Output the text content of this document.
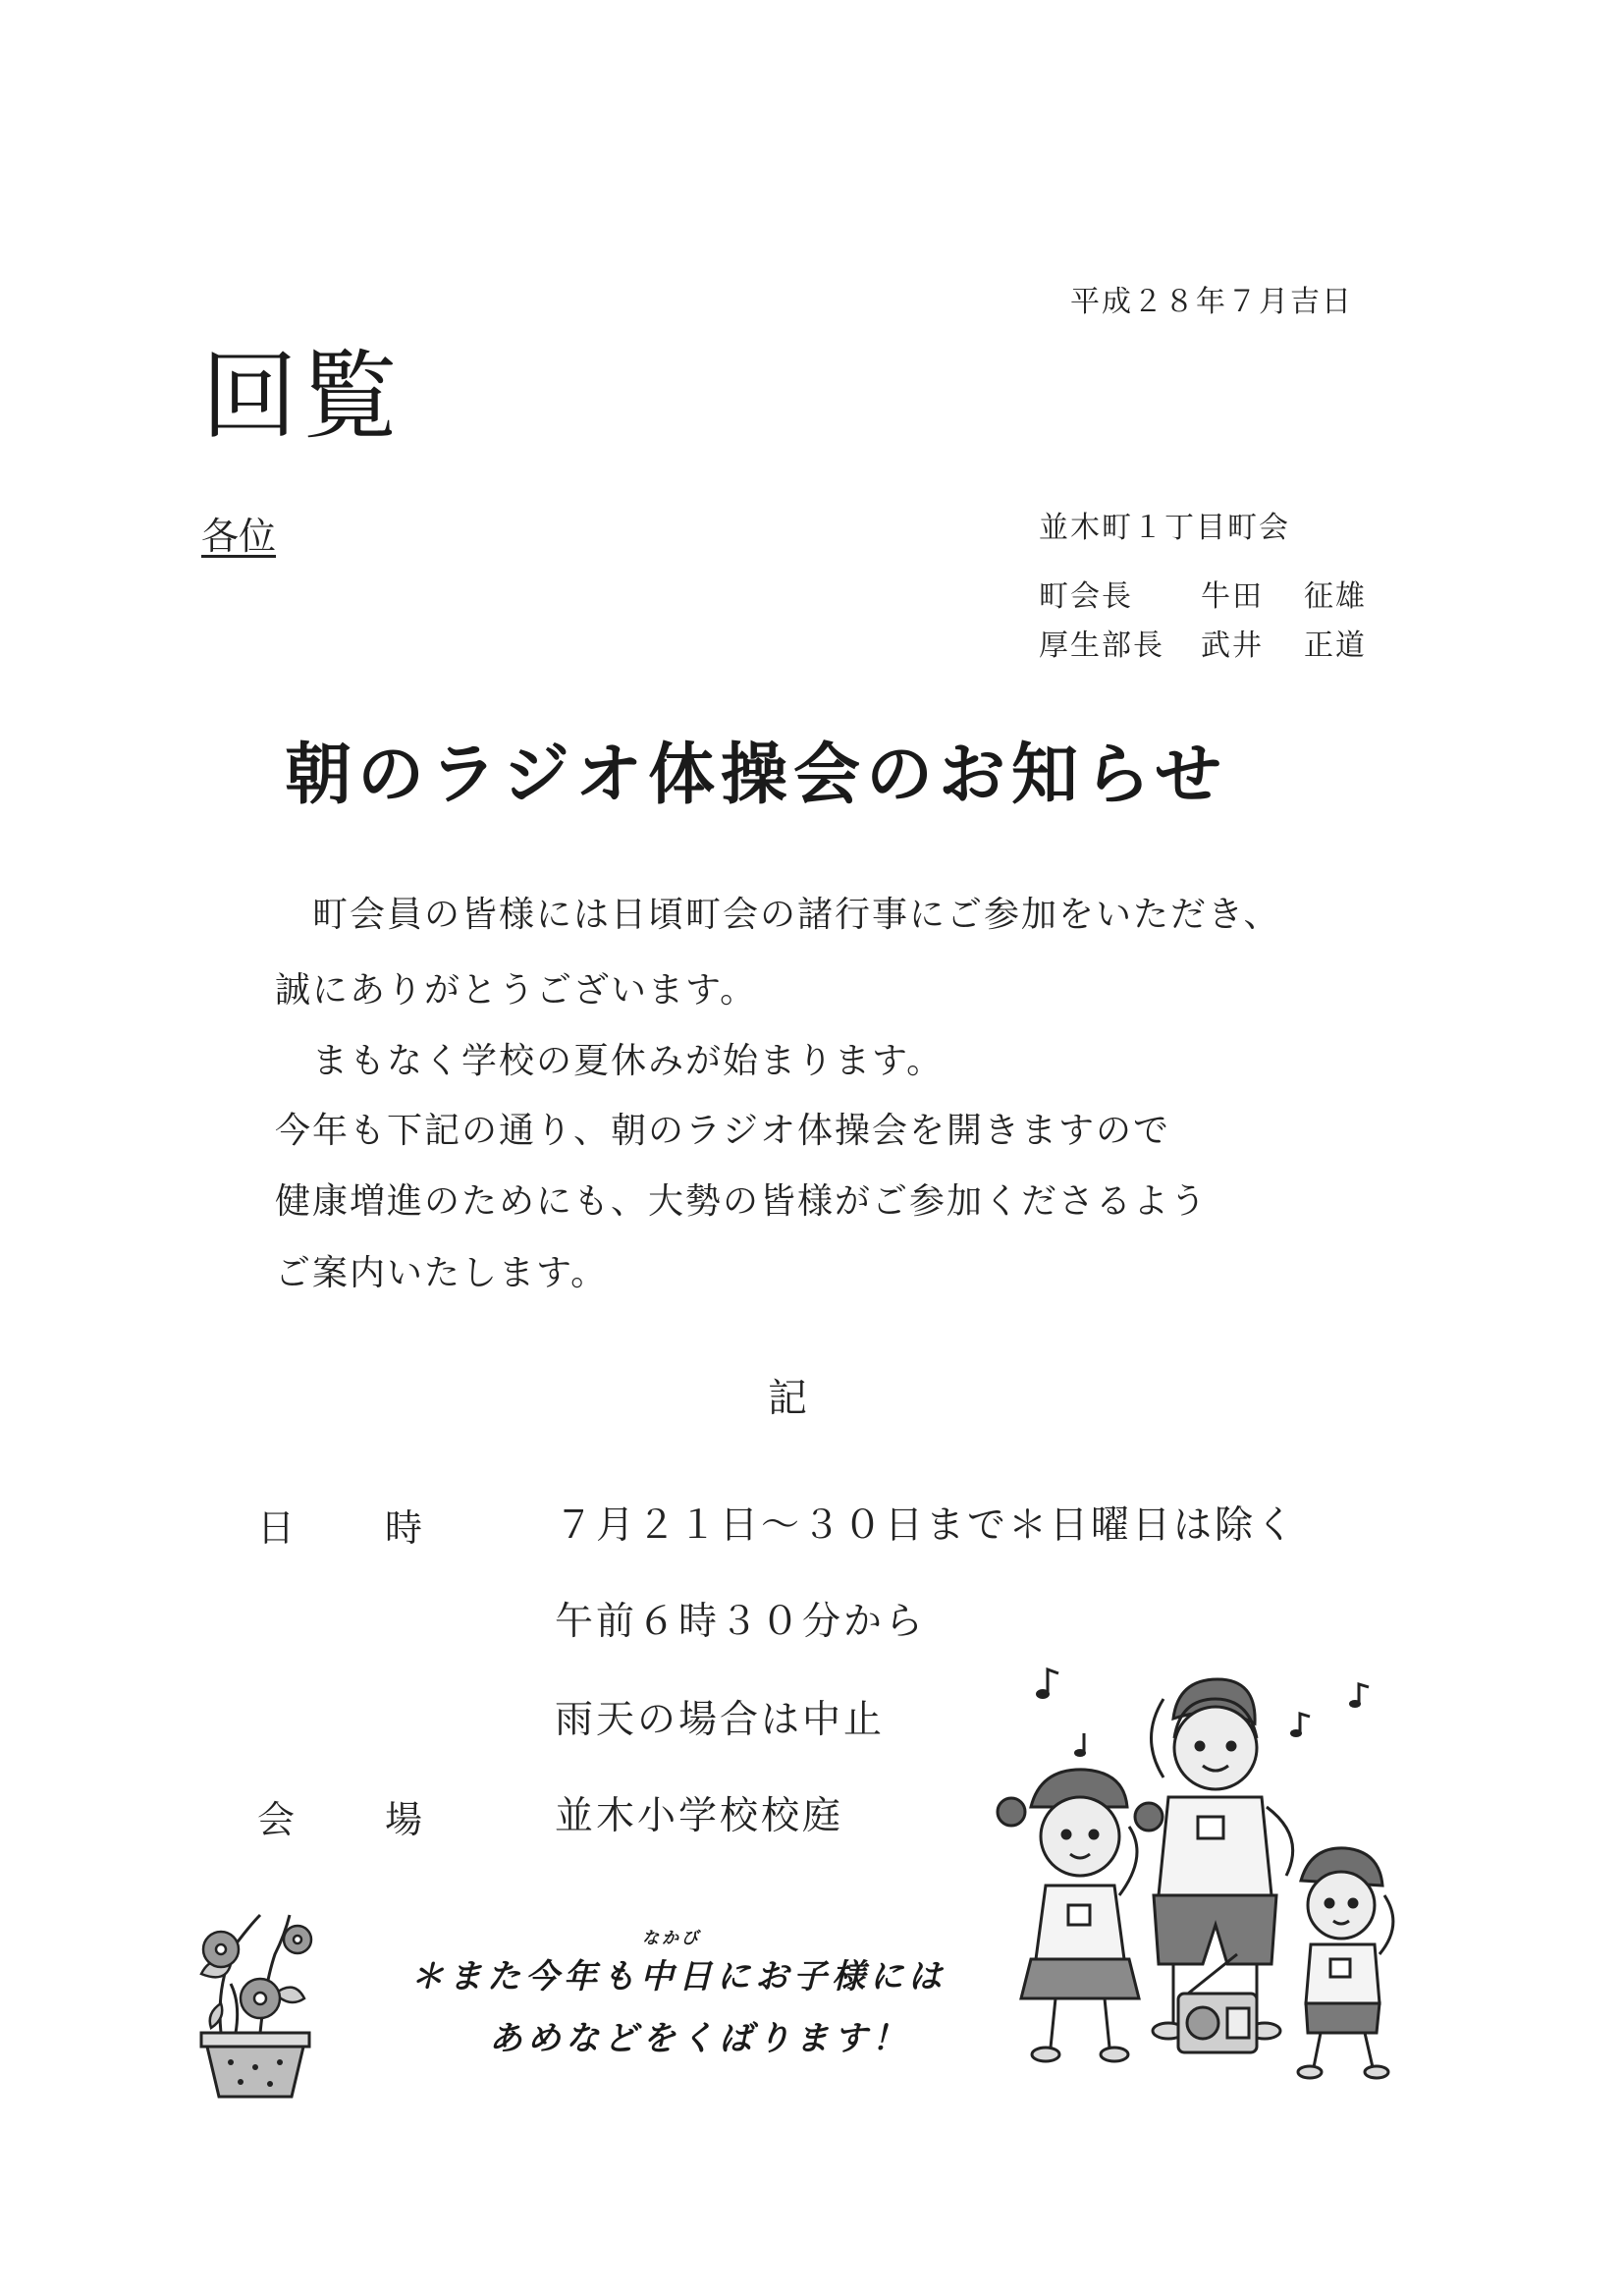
平成２８年７月吉日
回覧
各位	並木町１丁目町会
町会長	牛田	征雄
厚生部長	武井	正道
朝のラジオ体操会のお知らせ
町会員の皆様には日頃町会の諸行事にご参加をいただき、
誠にありがとうございます。
まもなく学校の夏休みが始まります。
今年も下記の通り、朝のラジオ体操会を開きますので
健康増進のためにも、大勢の皆様がご参加くださるよう
ご案内いたします。
記
日 時	７月２１日～３０日まで＊日曜日は除く
午前６時３０分から
雨天の場合は中止
会 場	並木小学校校庭
＊また今年も
なかび
中日にお子様には
あめなどをくばります！
